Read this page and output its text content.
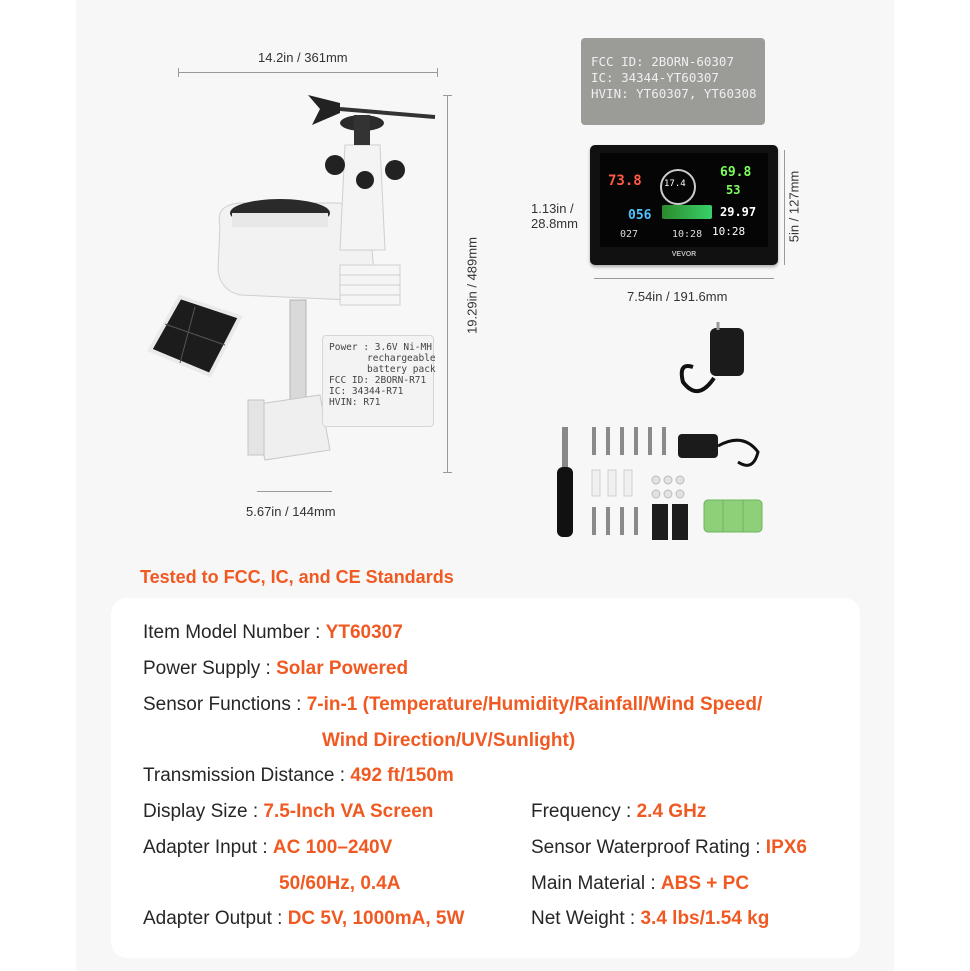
14.2in / 361mm
19.29in / 489mm
5.67in / 144mm
Power : 3.6V Ni-MH
rechargeable
battery pack
FCC ID: 2BORN-R71
IC: 34344-R71
HVIN: R71
FCC ID: 2BORN-60307
IC: 34344-YT60307
HVIN: YT60307, YT60308
73.8
69.8
53
17.4
056	29.97
027	10:28 10:28
VEVOR
1.13in /
28.8mm	5in / 127mm
7.54in / 191.6mm
Tested to FCC, IC, and CE Standards
Item Model Number : YT60307
Power Supply : Solar Powered
Sensor Functions : 7-in-1 (Temperature/Humidity/Rainfall/Wind Speed/
Wind Direction/UV/Sunlight)
Transmission Distance : 492 ft/150m
Display Size : 7.5-Inch VA Screen
Adapter Input : AC 100–240V
50/60Hz, 0.4A
Adapter Output : DC 5V, 1000mA, 5W
Frequency : 2.4 GHz
Sensor Waterproof Rating : IPX6
Main Material : ABS + PC
Net Weight : 3.4 lbs/1.54 kg
